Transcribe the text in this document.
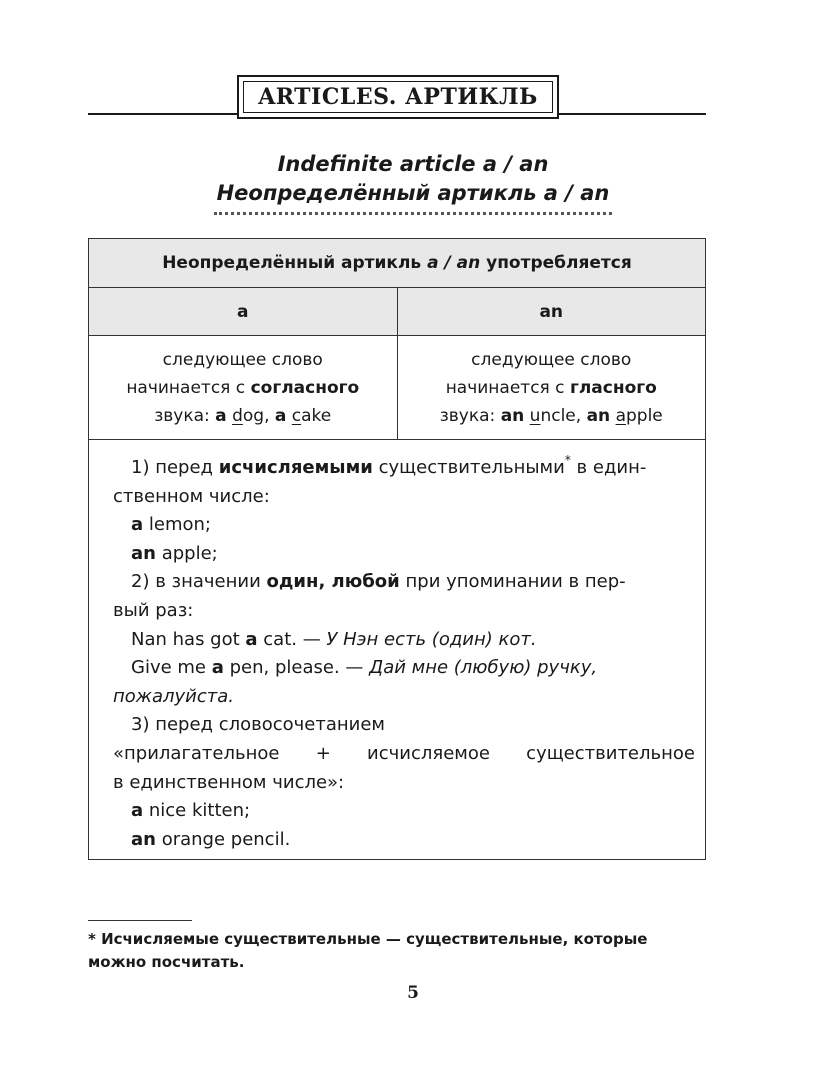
ARTICLES. АРТИКЛЬ
Indefinite article a / an
Неопределённый артикль a / an
Неопределённый артикль
a / an
употребляется
a	an
следующее слово
начинается с согласного
звука: a dog, a cake
следующее слово
начинается с гласного
звука: an uncle, an apple
1) перед исчисляемыми существительными* в един-
ственном числе:
a lemon;
an apple;
2) в значении один, любой при упоминании в пер-
вый раз:
Nan has got a cat. — У Нэн есть (один) кот.
Give me a pen, please. — Дай мне (любую) ручку,
пожалуйста.
3) перед словосочетанием
«прилагательное + исчисляемое существительное
в единственном числе»:
a nice kitten;
an orange pencil.
* Исчисляемые существительные — существительные, которые
можно посчитать.
5
